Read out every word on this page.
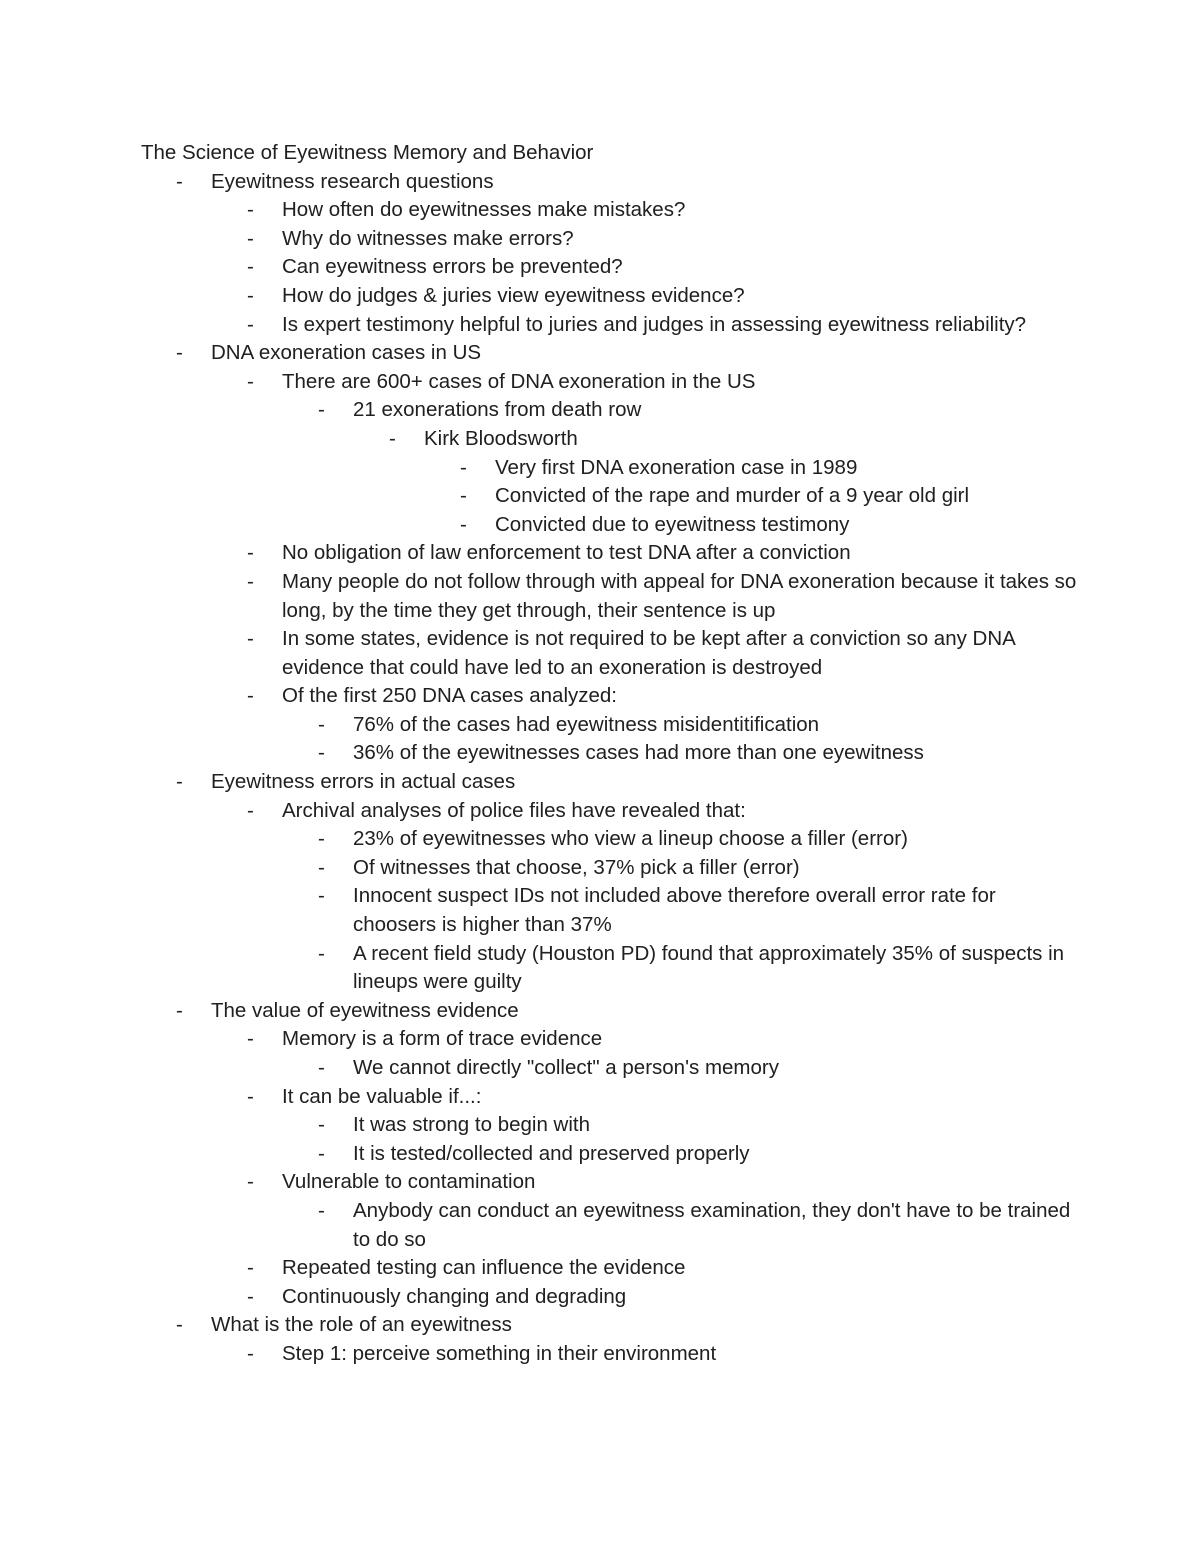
The Science of Eyewitness Memory and Behavior
- Eyewitness research questions
- How often do eyewitnesses make mistakes?
- Why do witnesses make errors?
- Can eyewitness errors be prevented?
- How do judges & juries view eyewitness evidence?
- Is expert testimony helpful to juries and judges in assessing eyewitness reliability?
- DNA exoneration cases in US
- There are 600+ cases of DNA exoneration in the US
- 21 exonerations from death row
- Kirk Bloodsworth
- Very first DNA exoneration case in 1989
- Convicted of the rape and murder of a 9 year old girl
- Convicted due to eyewitness testimony
- No obligation of law enforcement to test DNA after a conviction
- Many people do not follow through with appeal for DNA exoneration because it takes so long, by the time they get through, their sentence is up
- In some states, evidence is not required to be kept after a conviction so any DNA evidence that could have led to an exoneration is destroyed
- Of the first 250 DNA cases analyzed:
- 76% of the cases had eyewitness misidentitification
- 36% of the eyewitnesses cases had more than one eyewitness
- Eyewitness errors in actual cases
- Archival analyses of police files have revealed that:
- 23% of eyewitnesses who view a lineup choose a filler (error)
- Of witnesses that choose, 37% pick a filler (error)
- Innocent suspect IDs not included above therefore overall error rate for choosers is higher than 37%
- A recent field study (Houston PD) found that approximately 35% of suspects in lineups were guilty
- The value of eyewitness evidence
- Memory is a form of trace evidence
- We cannot directly "collect" a person's memory
- It can be valuable if...:
- It was strong to begin with
- It is tested/collected and preserved properly
- Vulnerable to contamination
- Anybody can conduct an eyewitness examination, they don't have to be trained to do so
- Repeated testing can influence the evidence
- Continuously changing and degrading
- What is the role of an eyewitness
- Step 1: perceive something in their environment
